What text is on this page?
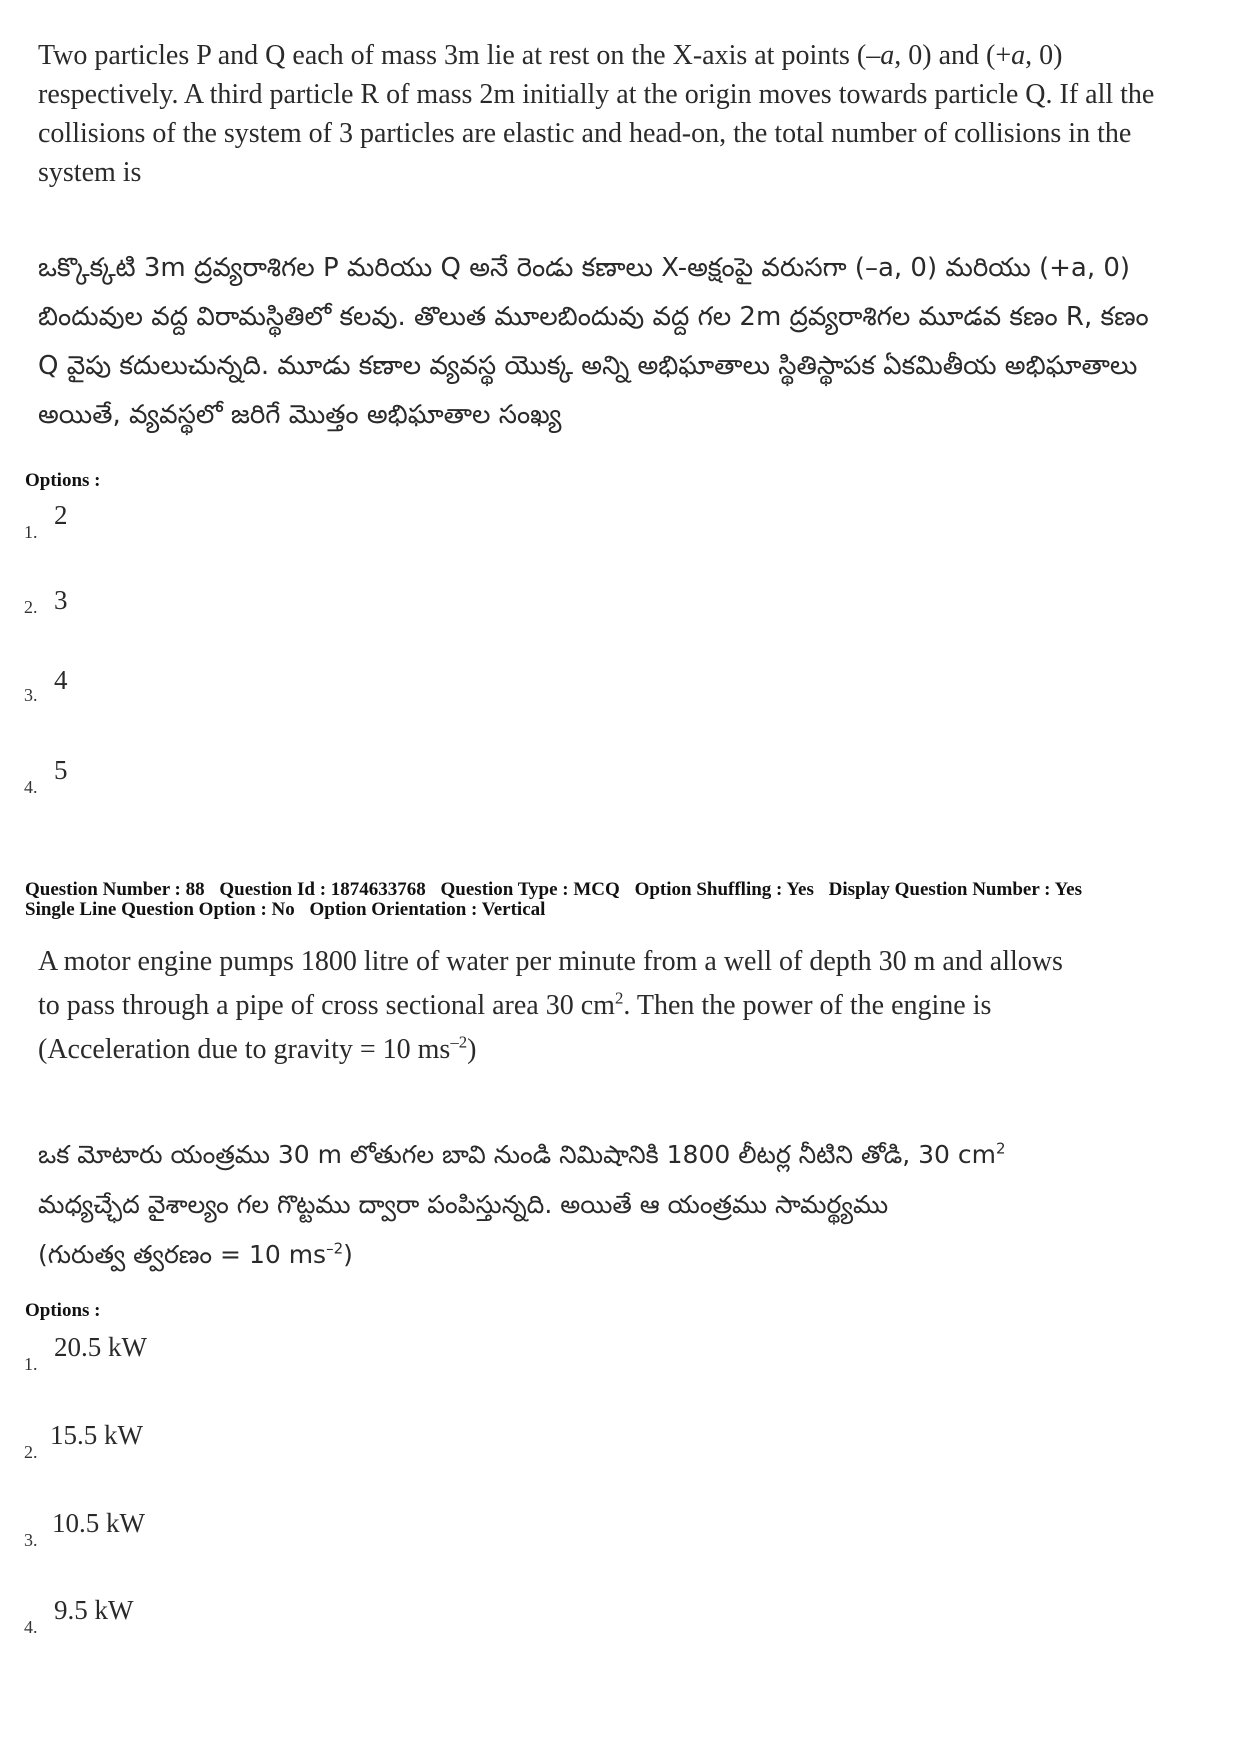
Two particles P and Q each of mass 3m lie at rest on the X-axis at points (–a, 0) and (+a, 0) respectively. A third particle R of mass 2m initially at the origin moves towards particle Q. If all the collisions of the system of 3 particles are elastic and head-on, the total number of collisions in the system is
ఒక్కొక్కటి 3m ద్రవ్యరాశిగల P మరియు Q అనే రెండు కణాలు X-అక్షంపై వరుసగా (–a, 0) మరియు (+a, 0) బిందువుల వద్ద విరామస్థితిలో కలవు. తొలుత మూలబిందువు వద్ద గల 2m ద్రవ్యరాశిగల మూడవ కణం R, కణం Q వైపు కదులుచున్నది. మూడు కణాల వ్యవస్థ యొక్క అన్ని అభిఘాతాలు స్థితిస్థాపక ఏకమితీయ అభిఘాతాలు అయితే, వ్యవస్థలో జరిగే మొత్తం అభిఘాతాల సంఖ్య
Options :
1.
2
2. 3
3. 4
4.
5
Question Number : 88 Question Id : 1874633768 Question Type : MCQ Option Shuffling : Yes Display Question Number : Yes
Single Line Question Option : No Option Orientation : Vertical
A motor engine pumps 1800 litre of water per minute from a well of depth 30 m and allows
to pass through a pipe of cross sectional area 30 $cm^2$. Then the power of the engine is
(Acceleration due to gravity = 10 $ms^{-2}$)
ఒక మోటారు యంత్రము 30 m లోతుగల బావి నుండి నిమిషానికి 1800 లీటర్ల నీటిని తోడి, 30 $cm^2$
మధ్యచ్ఛేద వైశాల్యం గల గొట్టము ద్వారా పంపిస్తున్నది. అయితే ఆ యంత్రము సామర్థ్యము
(గురుత్వ త్వరణం = 10 $ms^{-2}$)
Options :
1.
20.5 kW
2.
15.5 kW
3.
10.5 kW
4.
9.5 kW
